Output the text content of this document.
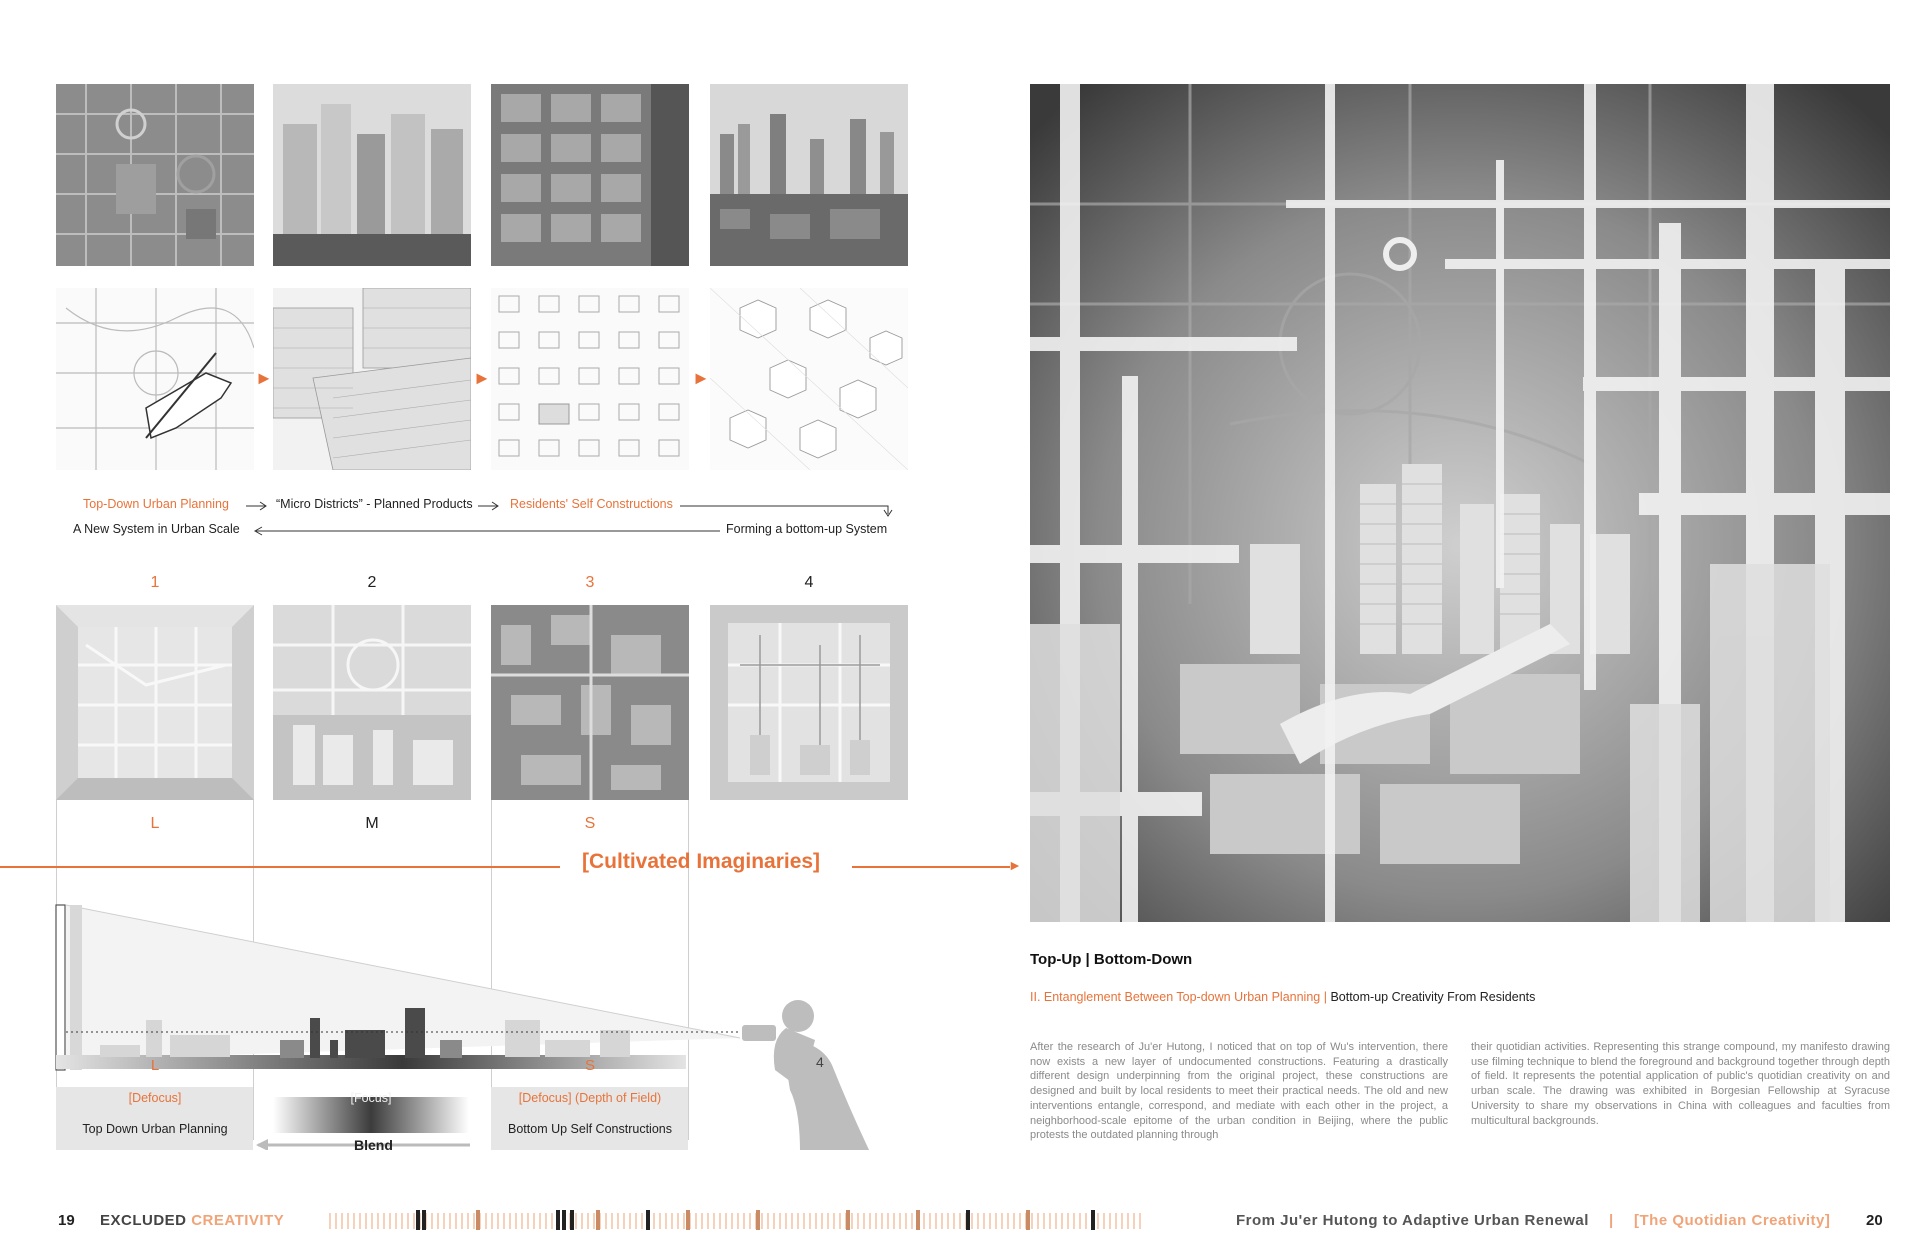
►	►	►
Top-Down Urban Planning	“Micro Districts” - Planned Products	Residents' Self Constructions
A New System in Urban Scale	Forming a bottom-up System
1	2	3	4
L	M	S
[Cultivated Imaginaries]	►
L	S	4
[Defocus]	[Focus]	[Defocus] (Depth of Field)
Top Down Urban Planning	Bottom Up Self Constructions
Blend
Top-Up | Bottom-Down
II. Entanglement Between Top-down Urban Planning | Bottom-up Creativity From Residents
After the research of Ju'er Hutong, I noticed that on top of Wu's intervention, there now exists a new layer of undocumented constructions. Featuring a drastically different design underpinning from the original project, these constructions are designed and built by local residents to meet their practical needs. The old and new interventions entangle, correspond, and mediate with each other in the project, a neighborhood-scale epitome of the urban condition in Beijing, where the public protests the outdated planning through
their quotidian activities. Representing this strange compound, my manifesto drawing use filming technique to blend the foreground and background together through depth of field. It represents the potential application of public's quotidian creativity on and urban scale. The drawing was exhibited in Borgesian Fellowship at Syracuse University to share my observations in China with colleagues and faculties from multicultural backgrounds.
19 EXCLUDED CREATIVITY	From Ju'er Hutong to Adaptive Urban Renewal | [The Quotidian Creativity] 20
